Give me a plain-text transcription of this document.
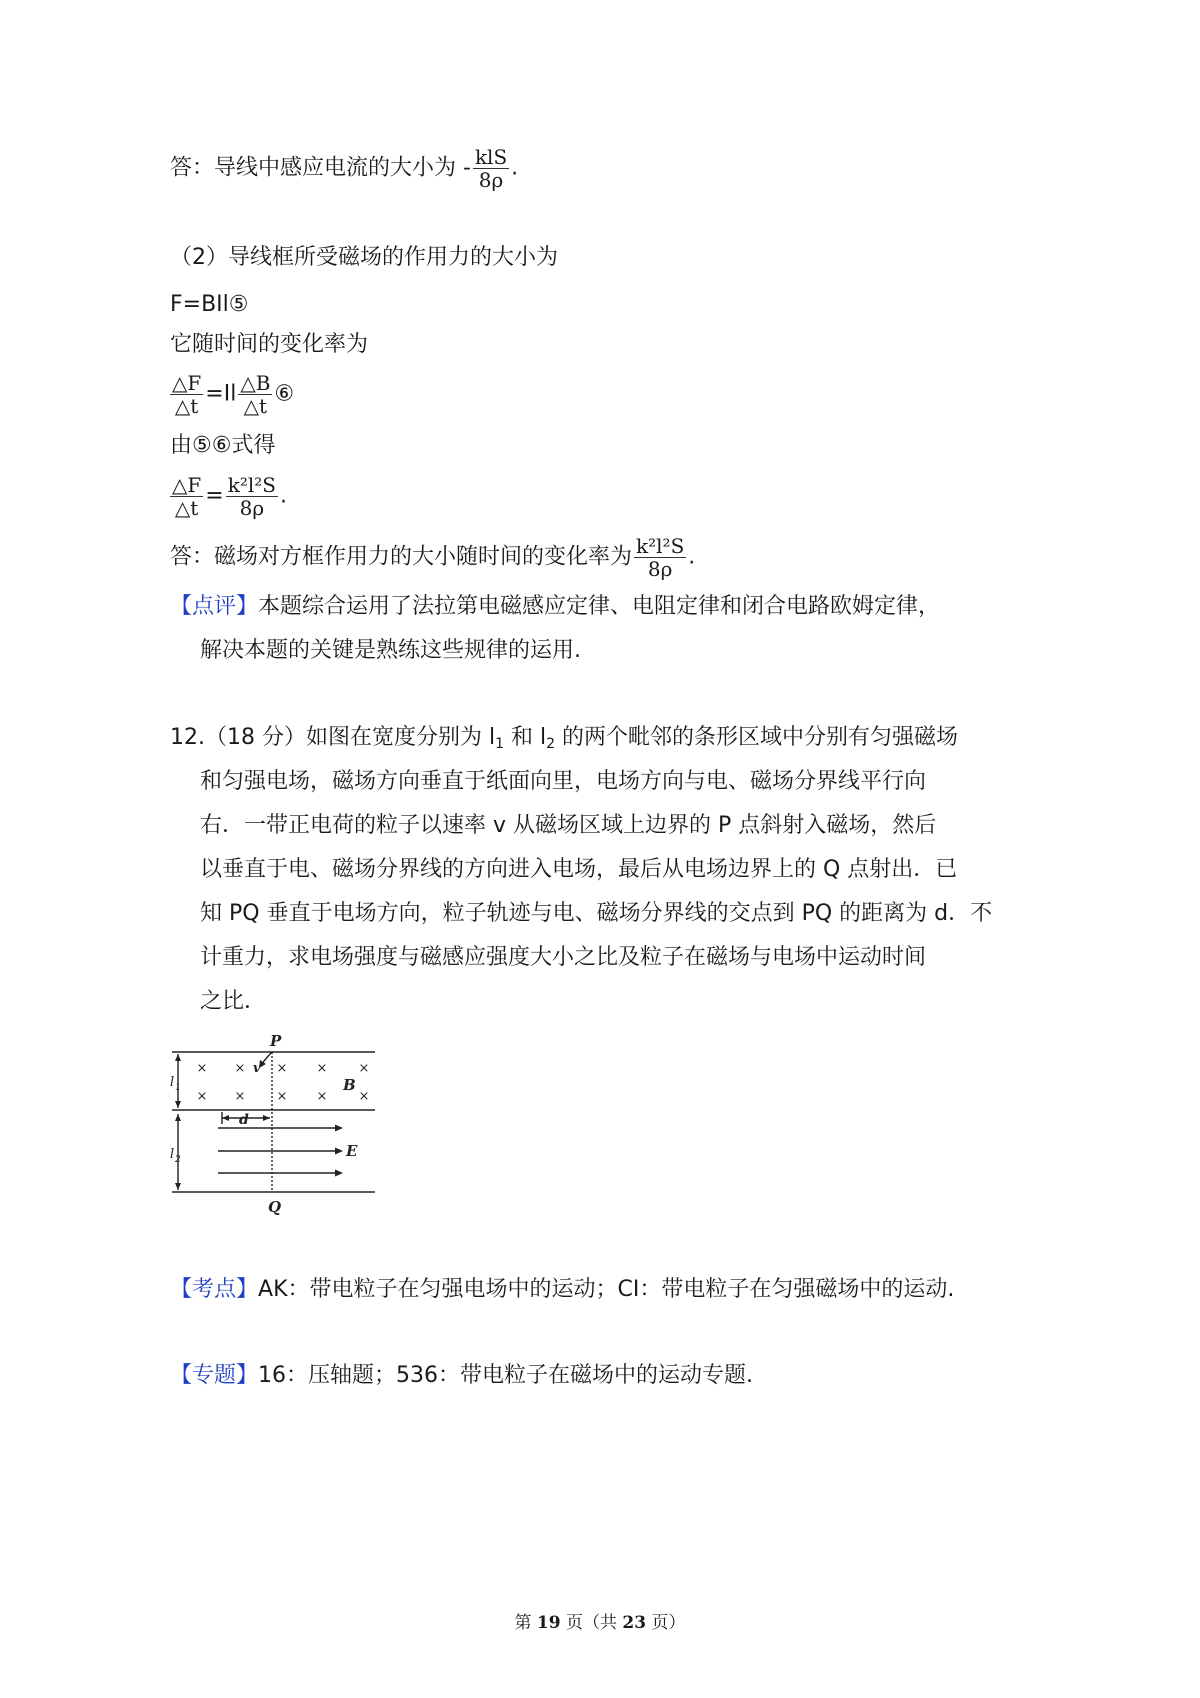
答：导线中感应电流的大小为 - $\frac{\text{klS}}{8\rho}$ .
（2）导线框所受磁场的作用力的大小为
F=BIl⑤
它随时间的变化率为
$\frac{\triangle F}{\triangle t} =Il \frac{\triangle B}{\triangle t}$ ⑥
由⑤⑥式得
$\frac{\triangle F}{\triangle t} = \frac{\text{k²l²S}}{8\rho}$ .
答：磁场对方框作用力的大小随时间的变化率为 $\frac{\text{k²l²S}}{8\rho}$ .
【点评】本题综合运用了法拉第电磁感应定律、电阻定律和闭合电路欧姆定律，
解决本题的关键是熟练这些规律的运用.
12.（18 分）如图在宽度分别为 $l_1$ 和 $l_2$ 的两个毗邻的条形区域中分别有匀强磁场
和匀强电场，磁场方向垂直于纸面向里，电场方向与电、磁场分界线平行向
右．一带正电荷的粒子以速率 v 从磁场区域上边界的 P 点斜射入磁场，然后
以垂直于电、磁场分界线的方向进入电场，最后从电场边界上的 Q 点射出．已
知 PQ 垂直于电场方向，粒子轨迹与电、磁场分界线的交点到 PQ 的距离为 d．不
计重力，求电场强度与磁感应强度大小之比及粒子在磁场与电场中运动时间
之比．
× × × × ×
× × × × ×
P
v
B
d
E
Q
l 1
l 2
【考点】AK：带电粒子在匀强电场中的运动；CI：带电粒子在匀强磁场中的运动.
【专题】16：压轴题；536：带电粒子在磁场中的运动专题.
第 19 页（共 23 页）
